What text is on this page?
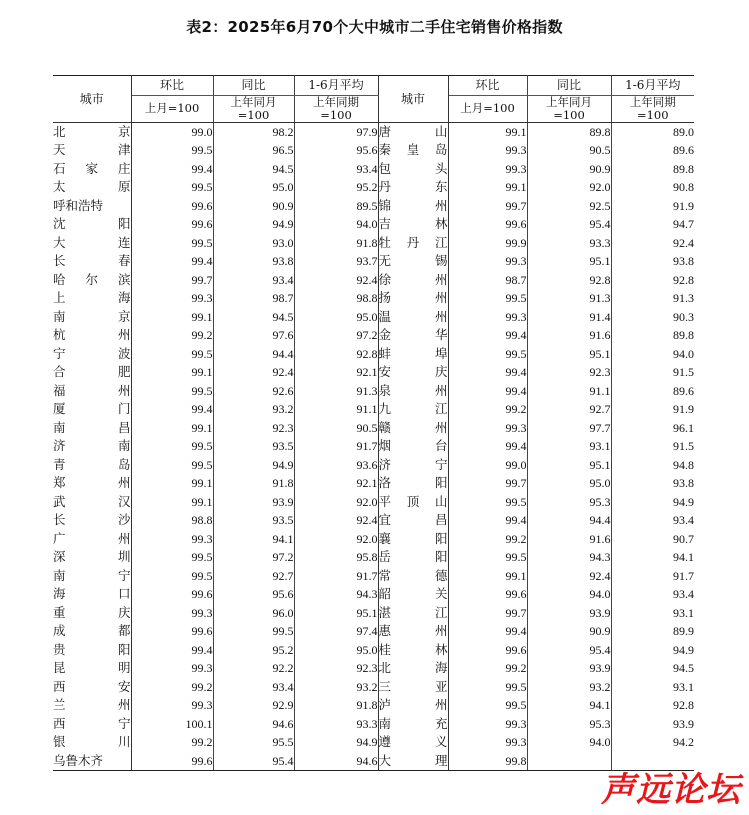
表2：2025年6月70个大中城市二手住宅销售价格指数
城市	环比	同比	1-6月平均	城市	环比	同比	1-6月平均
	上月=100	上年同月
=100	上年同期
=100		上月=100	上年同月
=100	上年同期
=100

北 京	99.0	98.2	97.9	唐 山	99.1	89.8	89.0

天 津	99.5	96.5	95.6	秦 皇 岛	99.3	90.5	89.6

石 家 庄	99.4	94.5	93.4	包 头	99.3	90.9	89.8

太 原	99.5	95.0	95.2	丹 东	99.1	92.0	90.8

呼 和 浩 特	99.6	90.9	89.5	锦 州	99.7	92.5	91.9

沈 阳	99.6	94.9	94.0	吉 林	99.6	95.4	94.7

大 连	99.5	93.0	91.8	牡 丹 江	99.9	93.3	92.4

长 春	99.4	93.8	93.7	无 锡	99.3	95.1	93.8

哈 尔 滨	99.7	93.4	92.4	徐 州	98.7	92.8	92.8

上 海	99.3	98.7	98.8	扬 州	99.5	91.3	91.3

南 京	99.1	94.5	95.0	温 州	99.3	91.4	90.3

杭 州	99.2	97.6	97.2	金 华	99.4	91.6	89.8

宁 波	99.5	94.4	92.8	蚌 埠	99.5	95.1	94.0

合 肥	99.1	92.4	92.1	安 庆	99.4	92.3	91.5

福 州	99.5	92.6	91.3	泉 州	99.4	91.1	89.6

厦 门	99.4	93.2	91.1	九 江	99.2	92.7	91.9

南 昌	99.1	92.3	90.5	赣 州	99.3	97.7	96.1

济 南	99.5	93.5	91.7	烟 台	99.4	93.1	91.5

青 岛	99.5	94.9	93.6	济 宁	99.0	95.1	94.8

郑 州	99.1	91.8	92.1	洛 阳	99.7	95.0	93.8

武 汉	99.1	93.9	92.0	平 顶 山	99.5	95.3	94.9

长 沙	98.8	93.5	92.4	宜 昌	99.4	94.4	93.4

广 州	99.3	94.1	92.0	襄 阳	99.2	91.6	90.7

深 圳	99.5	97.2	95.8	岳 阳	99.5	94.3	94.1

南 宁	99.5	92.7	91.7	常 德	99.1	92.4	91.7

海 口	99.6	95.6	94.3	韶 关	99.6	94.0	93.4

重 庆	99.3	96.0	95.1	湛 江	99.7	93.9	93.1

成 都	99.6	99.5	97.4	惠 州	99.4	90.9	89.9

贵 阳	99.4	95.2	95.0	桂 林	99.6	95.4	94.9

昆 明	99.3	92.2	92.3	北 海	99.2	93.9	94.5

西 安	99.2	93.4	93.2	三 亚	99.5	93.2	93.1

兰 州	99.3	92.9	91.8	泸 州	99.5	94.1	92.8

西 宁	100.1	94.6	93.3	南 充	99.3	95.3	93.9

银 川	99.2	95.5	94.9	遵 义	99.3	94.0	94.2

乌 鲁 木 齐	99.6	95.4	94.6	大 理	99.8		
声远论坛
